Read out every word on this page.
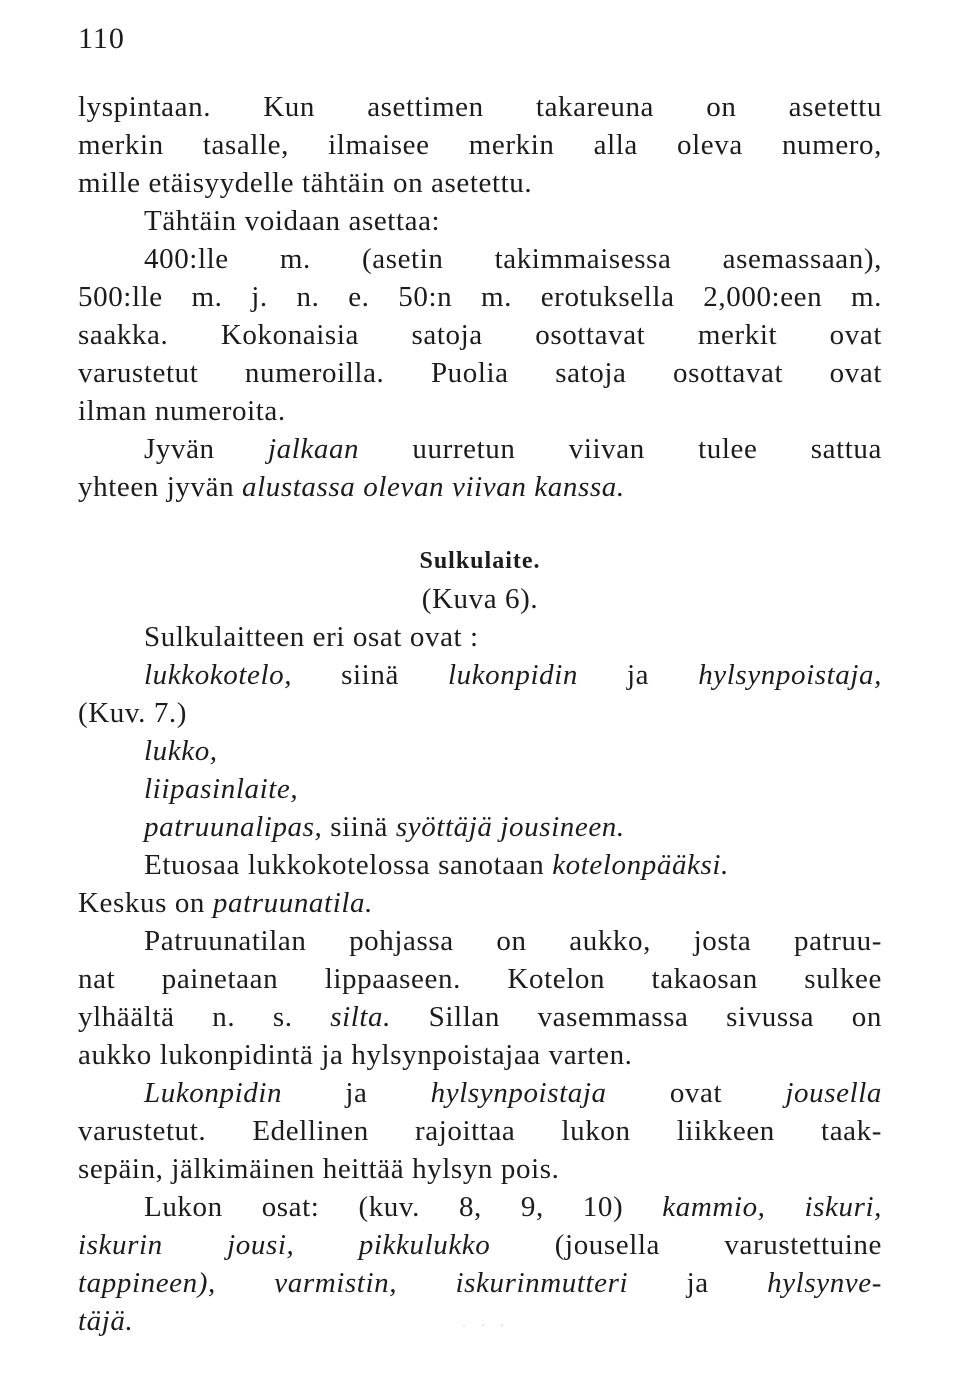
110
lyspintaan. Kun asettimen takareuna on asetettu
merkin tasalle, ilmaisee merkin alla oleva numero,
mille etäisyydelle tähtäin on asetettu.
Tähtäin voidaan asettaa:
400:lle m. (asetin takimmaisessa asemassaan),
500:lle m. j. n. e. 50:n m. erotuksella 2,000:een m.
saakka. Kokonaisia satoja osottavat merkit ovat
varustetut numeroilla. Puolia satoja osottavat ovat
ilman numeroita.
Jyvän jalkaan uurretun viivan tulee sattua
yhteen jyvän alustassa olevan viivan kanssa.
Sulkulaite.
(Kuva 6).
Sulkulaitteen eri osat ovat :
lukkokotelo, siinä lukonpidin ja hylsynpoistaja,
(Kuv. 7.)
lukko,
liipasinlaite,
patruunalipas, siinä syöttäjä jousineen.
Etuosaa lukkokotelossa sanotaan kotelonpääksi.
Keskus on patruunatila.
Patruunatilan pohjassa on aukko, josta patruu-
nat painetaan lippaaseen. Kotelon takaosan sulkee
ylhäältä n. s. silta. Sillan vasemmassa sivussa on
aukko lukonpidintä ja hylsynpoistajaa varten.
Lukonpidin ja hylsynpoistaja ovat jousella
varustetut. Edellinen rajoittaa lukon liikkeen taak-
sepäin, jälkimäinen heittää hylsyn pois.
Lukon osat: (kuv. 8, 9, 10) kammio, iskuri,
iskurin jousi, pikkulukko (jousella varustettuine
tappineen), varmistin, iskurinmutteri ja hylsynve-
täjä.	· · ·
